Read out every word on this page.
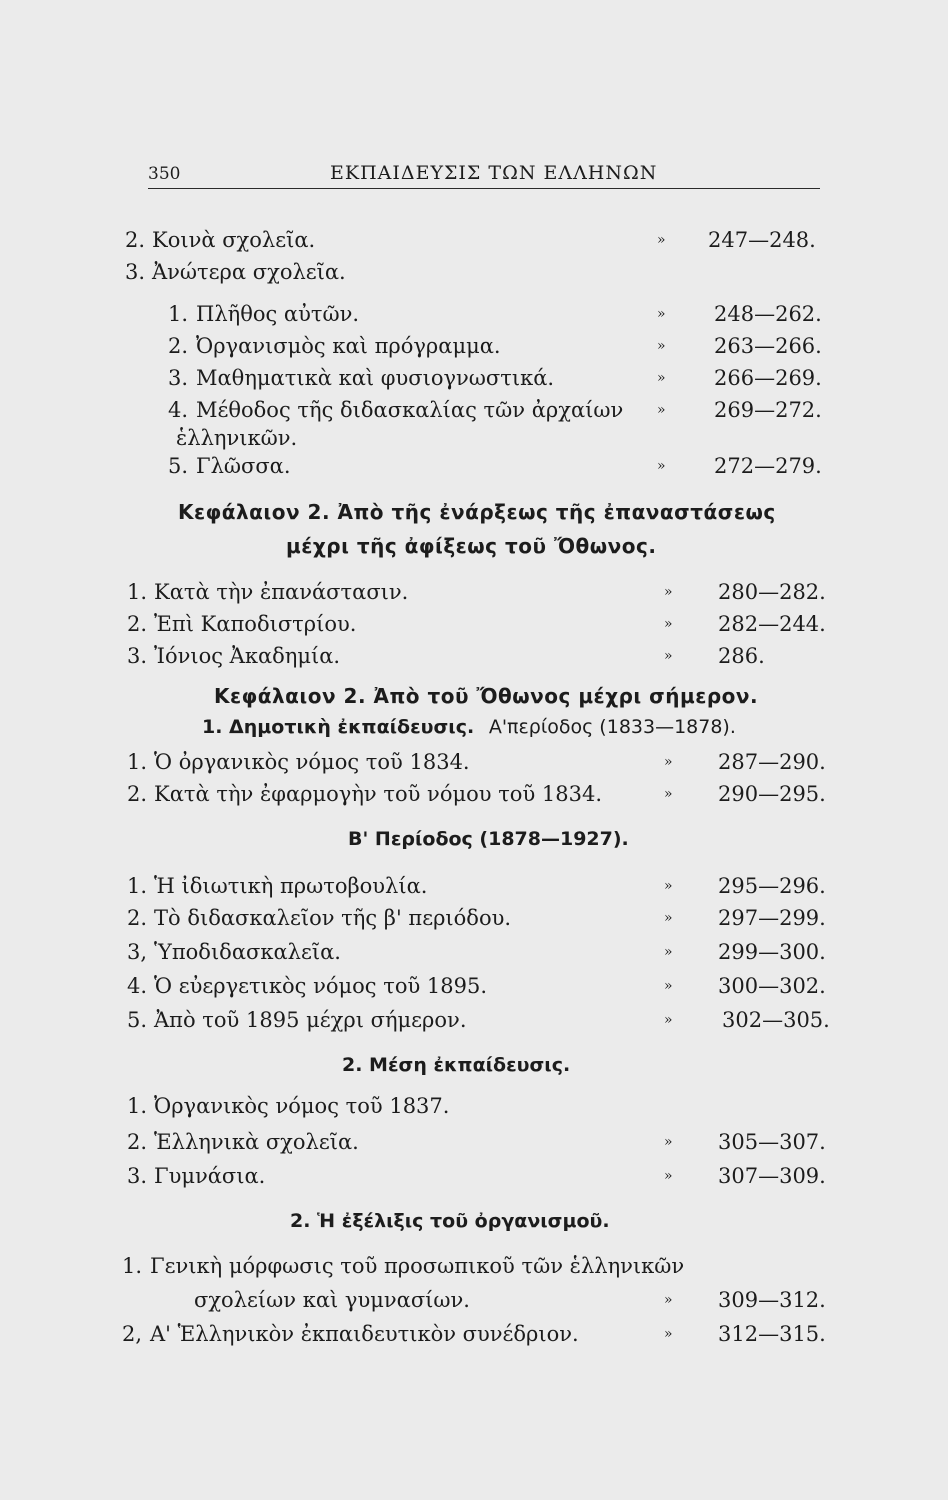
350	ΕΚΠΑΙΔΕΥΣΙΣ ΤΩΝ ΕΛΛΗΝΩΝ
2. Κοινὰ σχολεῖα.	» 247—248.
3. Ἀνώτερα σχολεῖα.
1. Πλῆθος αὐτῶν.	» 248—262.
2. Ὀργανισμὸς καὶ πρόγραμμα.	» 263—266.
3. Μαθηματικὰ καὶ φυσιογνωστικά.	» 266—269.
4. Μέθοδος τῆς διδασκαλίας τῶν ἀρχαίων » 269—272.
ἑλληνικῶν.
5. Γλῶσσα.	» 272—279.
Κεφάλαιον 2. Ἀπὸ τῆς ἐνάρξεως τῆς ἐπαναστάσεως
μέχρι τῆς ἀφίξεως τοῦ Ὄθωνος.
1. Κατὰ τὴν ἐπανάστασιν.	» 280—282.
2. Ἐπὶ Καποδιστρίου.	» 282—244.
3. Ἰόνιος Ἀκαδημία.	» 286.
Κεφάλαιον 2. Ἀπὸ τοῦ Ὄθωνος μέχρι σήμερον.
1. Δημοτικὴ ἐκπαίδευσις. Α'περίοδος (1833—1878).
1. Ὁ ὀργανικὸς νόμος τοῦ 1834.	» 287—290.
2. Κατὰ τὴν ἐφαρμογὴν τοῦ νόμου τοῦ 1834.	» 290—295.
Β' Περίοδος (1878—1927).
1. Ἡ ἰδιωτικὴ πρωτοβουλία.	» 295—296.
2. Τὸ διδασκαλεῖον τῆς β' περιόδου.	» 297—299.
3, Ὑποδιδασκαλεῖα.	» 299—300.
4. Ὁ εὐεργετικὸς νόμος τοῦ 1895.	» 300—302.
5. Ἀπὸ τοῦ 1895 μέχρι σήμερον.	» 302—305.
2. Μέση ἐκπαίδευσις.
1. Ὀργανικὸς νόμος τοῦ 1837.
2. Ἑλληνικὰ σχολεῖα.	» 305—307.
3. Γυμνάσια.	» 307—309.
2. Ἡ ἐξέλιξις τοῦ ὀργανισμοῦ.
1. Γενικὴ μόρφωσις τοῦ προσωπικοῦ τῶν ἑλληνικῶν
σχολείων καὶ γυμνασίων.	» 309—312.
2, Α' Ἑλληνικὸν ἐκπαιδευτικὸν συνέδριον.	» 312—315.
